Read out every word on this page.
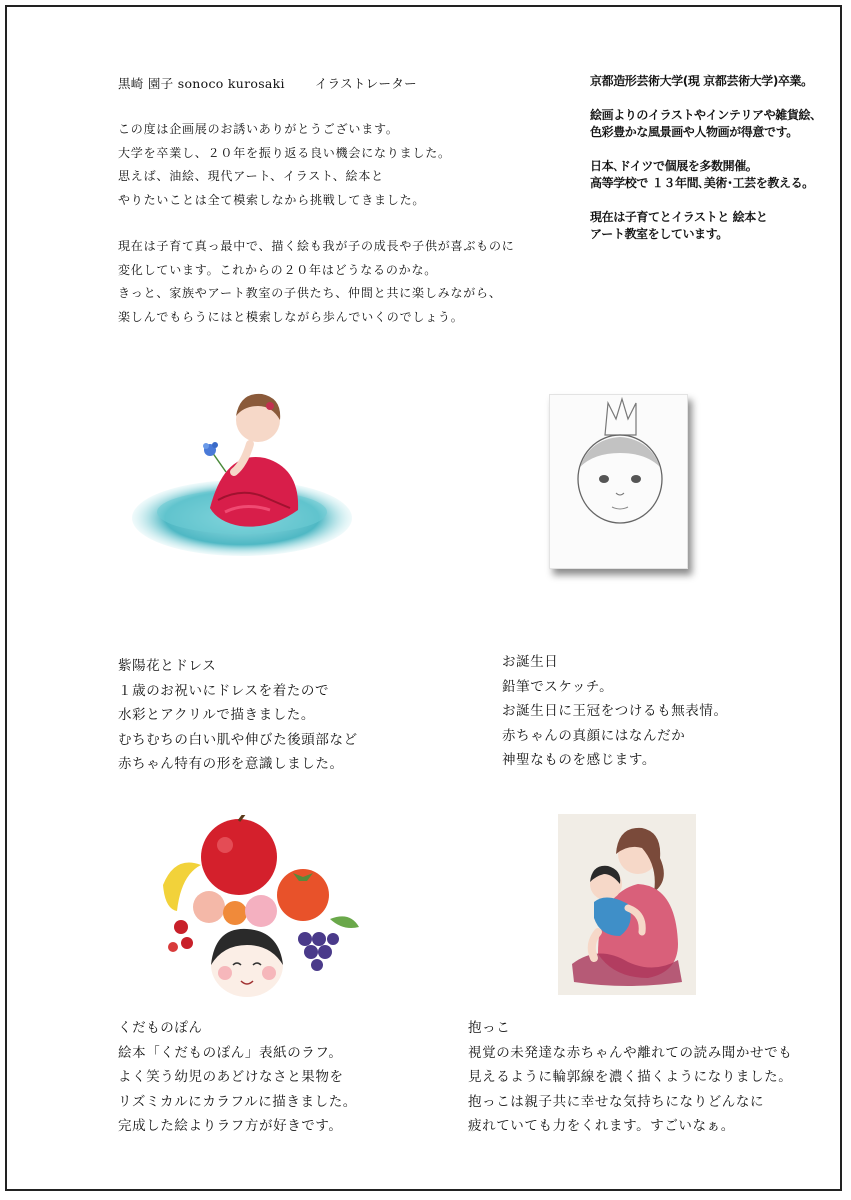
黒崎 園子 sonoco kurosaki イラストレーター
この度は企画展のお誘いありがとうございます。
大学を卒業し、２０年を振り返る良い機会になりました。
思えば、油絵、現代アート、イラスト、絵本と
やりたいことは全て模索しなから挑戦してきました。
現在は子育て真っ最中で、描く絵も我が子の成長や子供が喜ぶものに
変化しています。これからの２０年はどうなるのかな。
きっと、家族やアート教室の子供たち、仲間と共に楽しみながら、
楽しんでもらうにはと模索しながら歩んでいくのでしょう。
京都造形芸術大学(現 京都芸術大学)卒業。
絵画よりのイラストやインテリアや雑貨絵、
色彩豊かな風景画や人物画が得意です。
日本､ドイツで個展を多数開催。
高等学校で １３年間､美術･工芸を教える。
現在は子育てとイラストと 絵本と
アート教室をしています。
紫陽花とドレス
１歳のお祝いにドレスを着たので
水彩とアクリルで描きました。
むちむちの白い肌や伸びた後頭部など
赤ちゃん特有の形を意識しました。
お誕生日
鉛筆でスケッチ。
お誕生日に王冠をつけるも無表情。
赤ちゃんの真顔にはなんだか
神聖なものを感じます。
くだものぽん
絵本「くだものぽん」表紙のラフ。
よく笑う幼児のあどけなさと果物を
リズミカルにカラフルに描きました。
完成した絵よりラフ方が好きです。
抱っこ
視覚の未発達な赤ちゃんや離れての読み聞かせでも
見えるように輪郭線を濃く描くようになりました。
抱っこは親子共に幸せな気持ちになりどんなに
疲れていても力をくれます。すごいなぁ。
